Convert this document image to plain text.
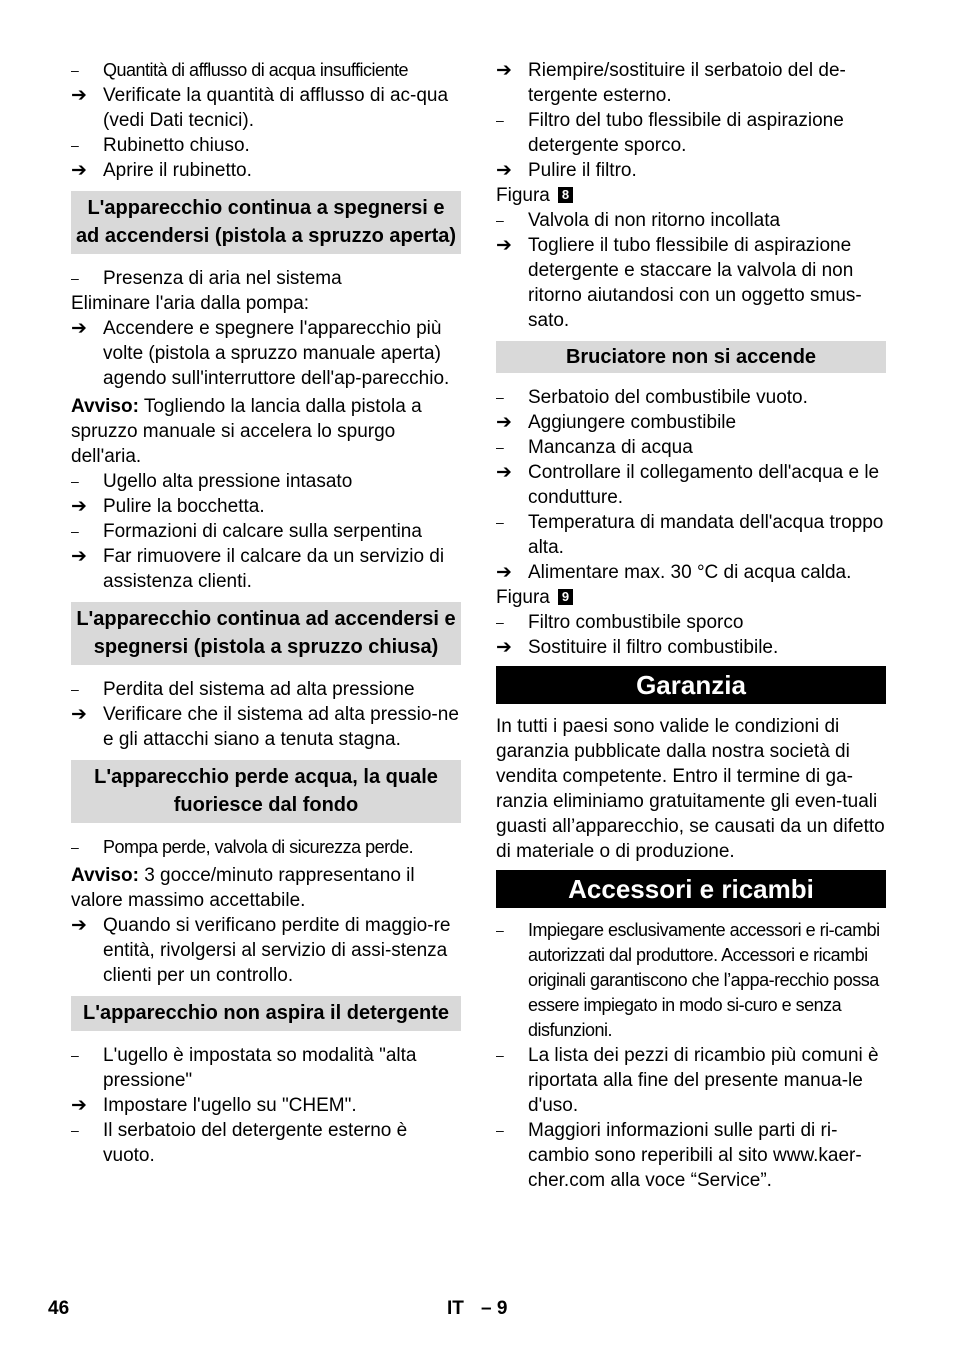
–	Quantità di afflusso di acqua insufficiente
➔ Verificate la quantità di afflusso di ac-qua (vedi Dati tecnici).
–	Rubinetto chiuso.
➔ Aprire il rubinetto.
L'apparecchio continua a spegnersi e ad accendersi (pistola a spruzzo aperta)
–	Presenza di aria nel sistema
Eliminare l'aria dalla pompa:
➔ Accendere e spegnere l'apparecchio più volte (pistola a spruzzo manuale aperta) agendo sull'interruttore dell'ap-parecchio.
Avviso: Togliendo la lancia dalla pistola a spruzzo manuale si accelera lo spurgo dell'aria.
–	Ugello alta pressione intasato
➔ Pulire la bocchetta.
–	Formazioni di calcare sulla serpentina
➔ Far rimuovere il calcare da un servizio di assistenza clienti.
L'apparecchio continua ad accendersi e spegnersi (pistola a spruzzo chiusa)
–	Perdita del sistema ad alta pressione
➔ Verificare che il sistema ad alta pressio-ne e gli attacchi siano a tenuta stagna.
L'apparecchio perde acqua, la quale fuoriesce dal fondo
–	Pompa perde, valvola di sicurezza perde.
Avviso: 3 gocce/minuto rappresentano il valore massimo accettabile.
➔ Quando si verificano perdite di maggio-re entità, rivolgersi al servizio di assi-stenza clienti per un controllo.
L'apparecchio non aspira il detergente
–	L'ugello è impostata so modalità "alta pressione"
➔ Impostare l'ugello su "CHEM".
–	Il serbatoio del detergente esterno è vuoto.
➔ Riempire/sostituire il serbatoio del de-tergente esterno.
–	Filtro del tubo flessibile di aspirazione detergente sporco.
➔ Pulire il filtro.
Figura 8
–	Valvola di non ritorno incollata
➔ Togliere il tubo flessibile di aspirazione detergente e staccare la valvola di non ritorno aiutandosi con un oggetto smus-sato.
Bruciatore non si accende
–	Serbatoio del combustibile vuoto.
➔ Aggiungere combustibile
–	Mancanza di acqua
➔ Controllare il collegamento dell'acqua e le condutture.
–	Temperatura di mandata dell'acqua troppo alta.
➔ Alimentare max. 30 °C di acqua calda.
Figura 9
–	Filtro combustibile sporco
➔ Sostituire il filtro combustibile.
Garanzia
In tutti i paesi sono valide le condizioni di garanzia pubblicate dalla nostra società di vendita competente. Entro il termine di ga-ranzia eliminiamo gratuitamente gli even-tuali guasti all’apparecchio, se causati da un difetto di materiale o di produzione.
Accessori e ricambi
–	Impiegare esclusivamente accessori e ri-cambi autorizzati dal produttore. Accessori e ricambi originali garantiscono che l’appa-recchio possa essere impiegato in modo si-curo e senza disfunzioni.
–	La lista dei pezzi di ricambio più comuni è riportata alla fine del presente manua-le d'uso.
–	Maggiori informazioni sulle parti di ri-cambio sono reperibili al sito www.kaer-cher.com alla voce “Service”.
46	IT – 9
